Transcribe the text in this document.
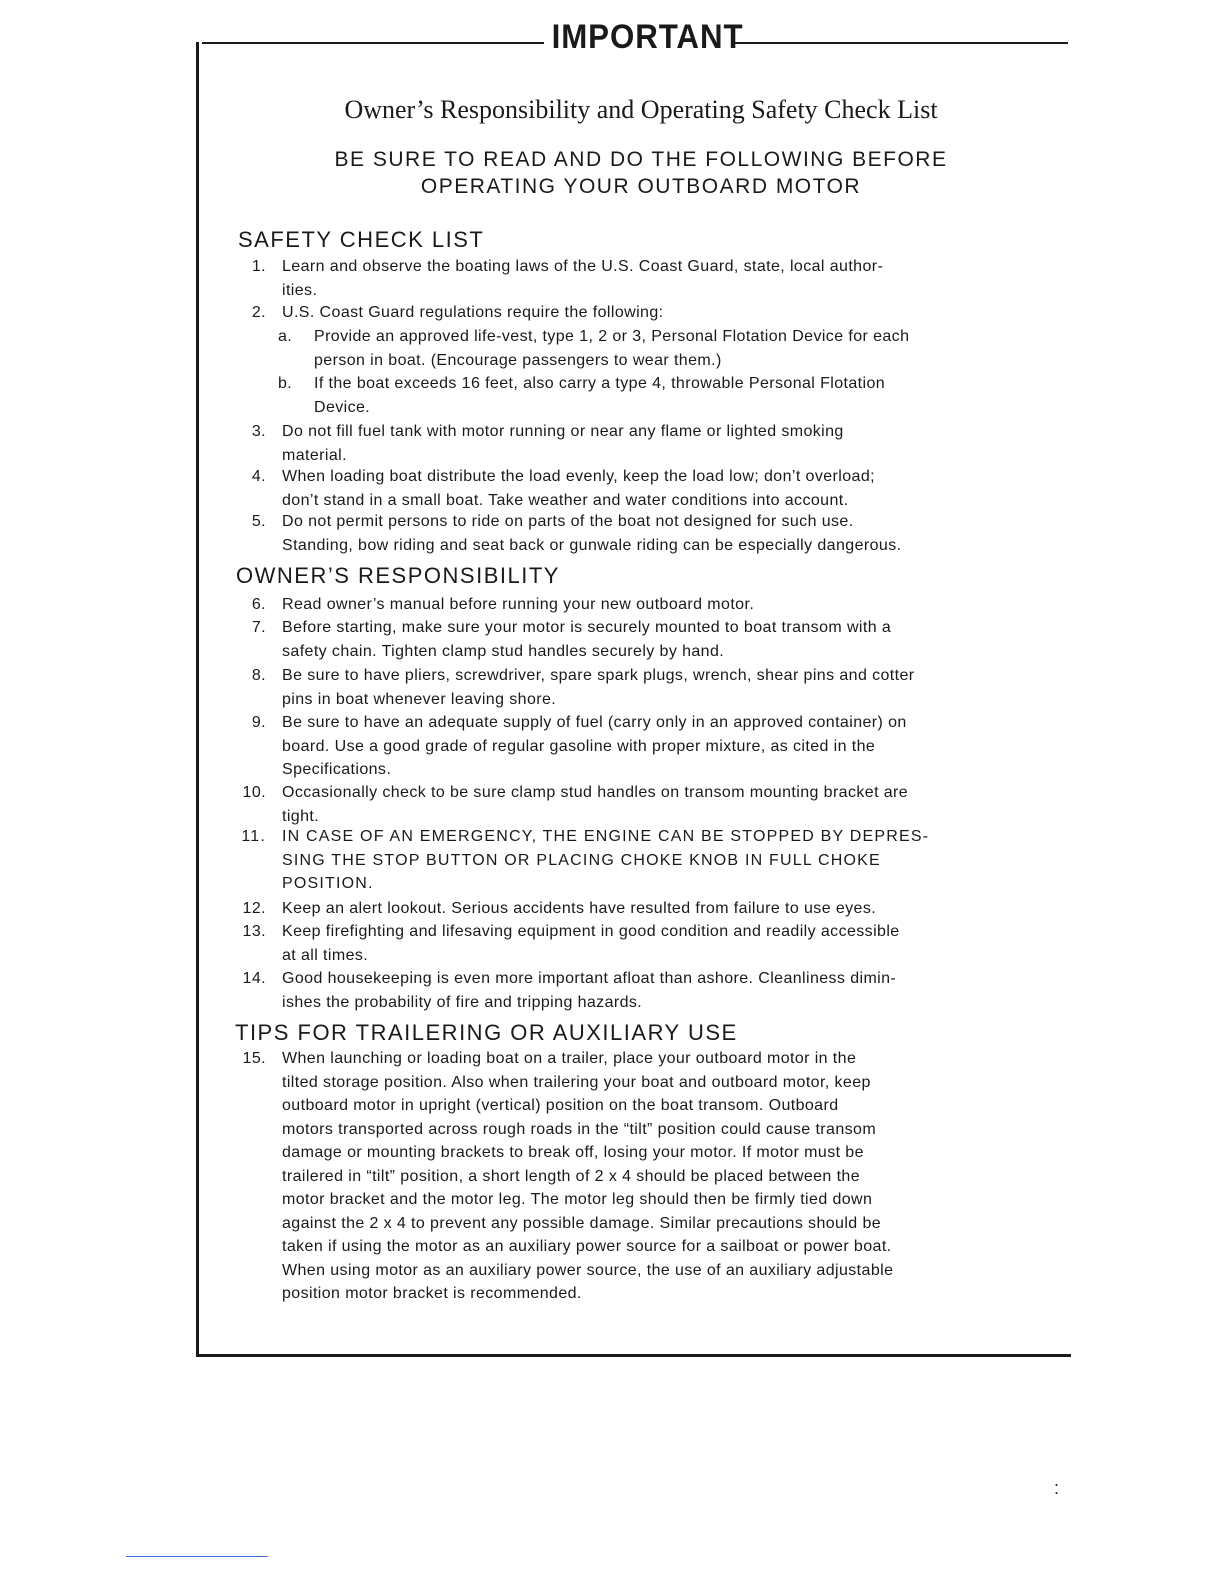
IMPORTANT
Owner’s Responsibility and Operating Safety Check List
BE SURE TO READ AND DO THE FOLLOWING BEFORE
OPERATING YOUR OUTBOARD MOTOR
SAFETY CHECK LIST
1. Learn and observe the boating laws of the U.S. Coast Guard, state, local author-
ities.
2. U.S. Coast Guard regulations require the following:
a. Provide an approved life-vest, type 1, 2 or 3, Personal Flotation Device for each
person in boat. (Encourage passengers to wear them.)
b. If the boat exceeds 16 feet, also carry a type 4, throwable Personal Flotation
Device.
3. Do not fill fuel tank with motor running or near any flame or lighted smoking
material.
4. When loading boat distribute the load evenly, keep the load low; don’t overload;
don’t stand in a small boat. Take weather and water conditions into account.
5. Do not permit persons to ride on parts of the boat not designed for such use.
Standing, bow riding and seat back or gunwale riding can be especially dangerous.
OWNER’S RESPONSIBILITY
6. Read owner’s manual before running your new outboard motor.
7. Before starting, make sure your motor is securely mounted to boat transom with a
safety chain. Tighten clamp stud handles securely by hand.
8. Be sure to have pliers, screwdriver, spare spark plugs, wrench, shear pins and cotter
pins in boat whenever leaving shore.
9. Be sure to have an adequate supply of fuel (carry only in an approved container) on
board. Use a good grade of regular gasoline with proper mixture, as cited in the
Specifications.
10. Occasionally check to be sure clamp stud handles on transom mounting bracket are
tight.
11. IN CASE OF AN EMERGENCY, THE ENGINE CAN BE STOPPED BY DEPRES-
SING THE STOP BUTTON OR PLACING CHOKE KNOB IN FULL CHOKE
POSITION.
12. Keep an alert lookout. Serious accidents have resulted from failure to use eyes.
13. Keep firefighting and lifesaving equipment in good condition and readily accessible
at all times.
14. Good housekeeping is even more important afloat than ashore. Cleanliness dimin-
ishes the probability of fire and tripping hazards.
TIPS FOR TRAILERING OR AUXILIARY USE
15. When launching or loading boat on a trailer, place your outboard motor in the
tilted storage position. Also when trailering your boat and outboard motor, keep
outboard motor in upright (vertical) position on the boat transom. Outboard
motors transported across rough roads in the “tilt” position could cause transom
damage or mounting brackets to break off, losing your motor. If motor must be
trailered in “tilt” position, a short length of 2 x 4 should be placed between the
motor bracket and the motor leg. The motor leg should then be firmly tied down
against the 2 x 4 to prevent any possible damage. Similar precautions should be
taken if using the motor as an auxiliary power source for a sailboat or power boat.
When using motor as an auxiliary power source, the use of an auxiliary adjustable
position motor bracket is recommended.
:
